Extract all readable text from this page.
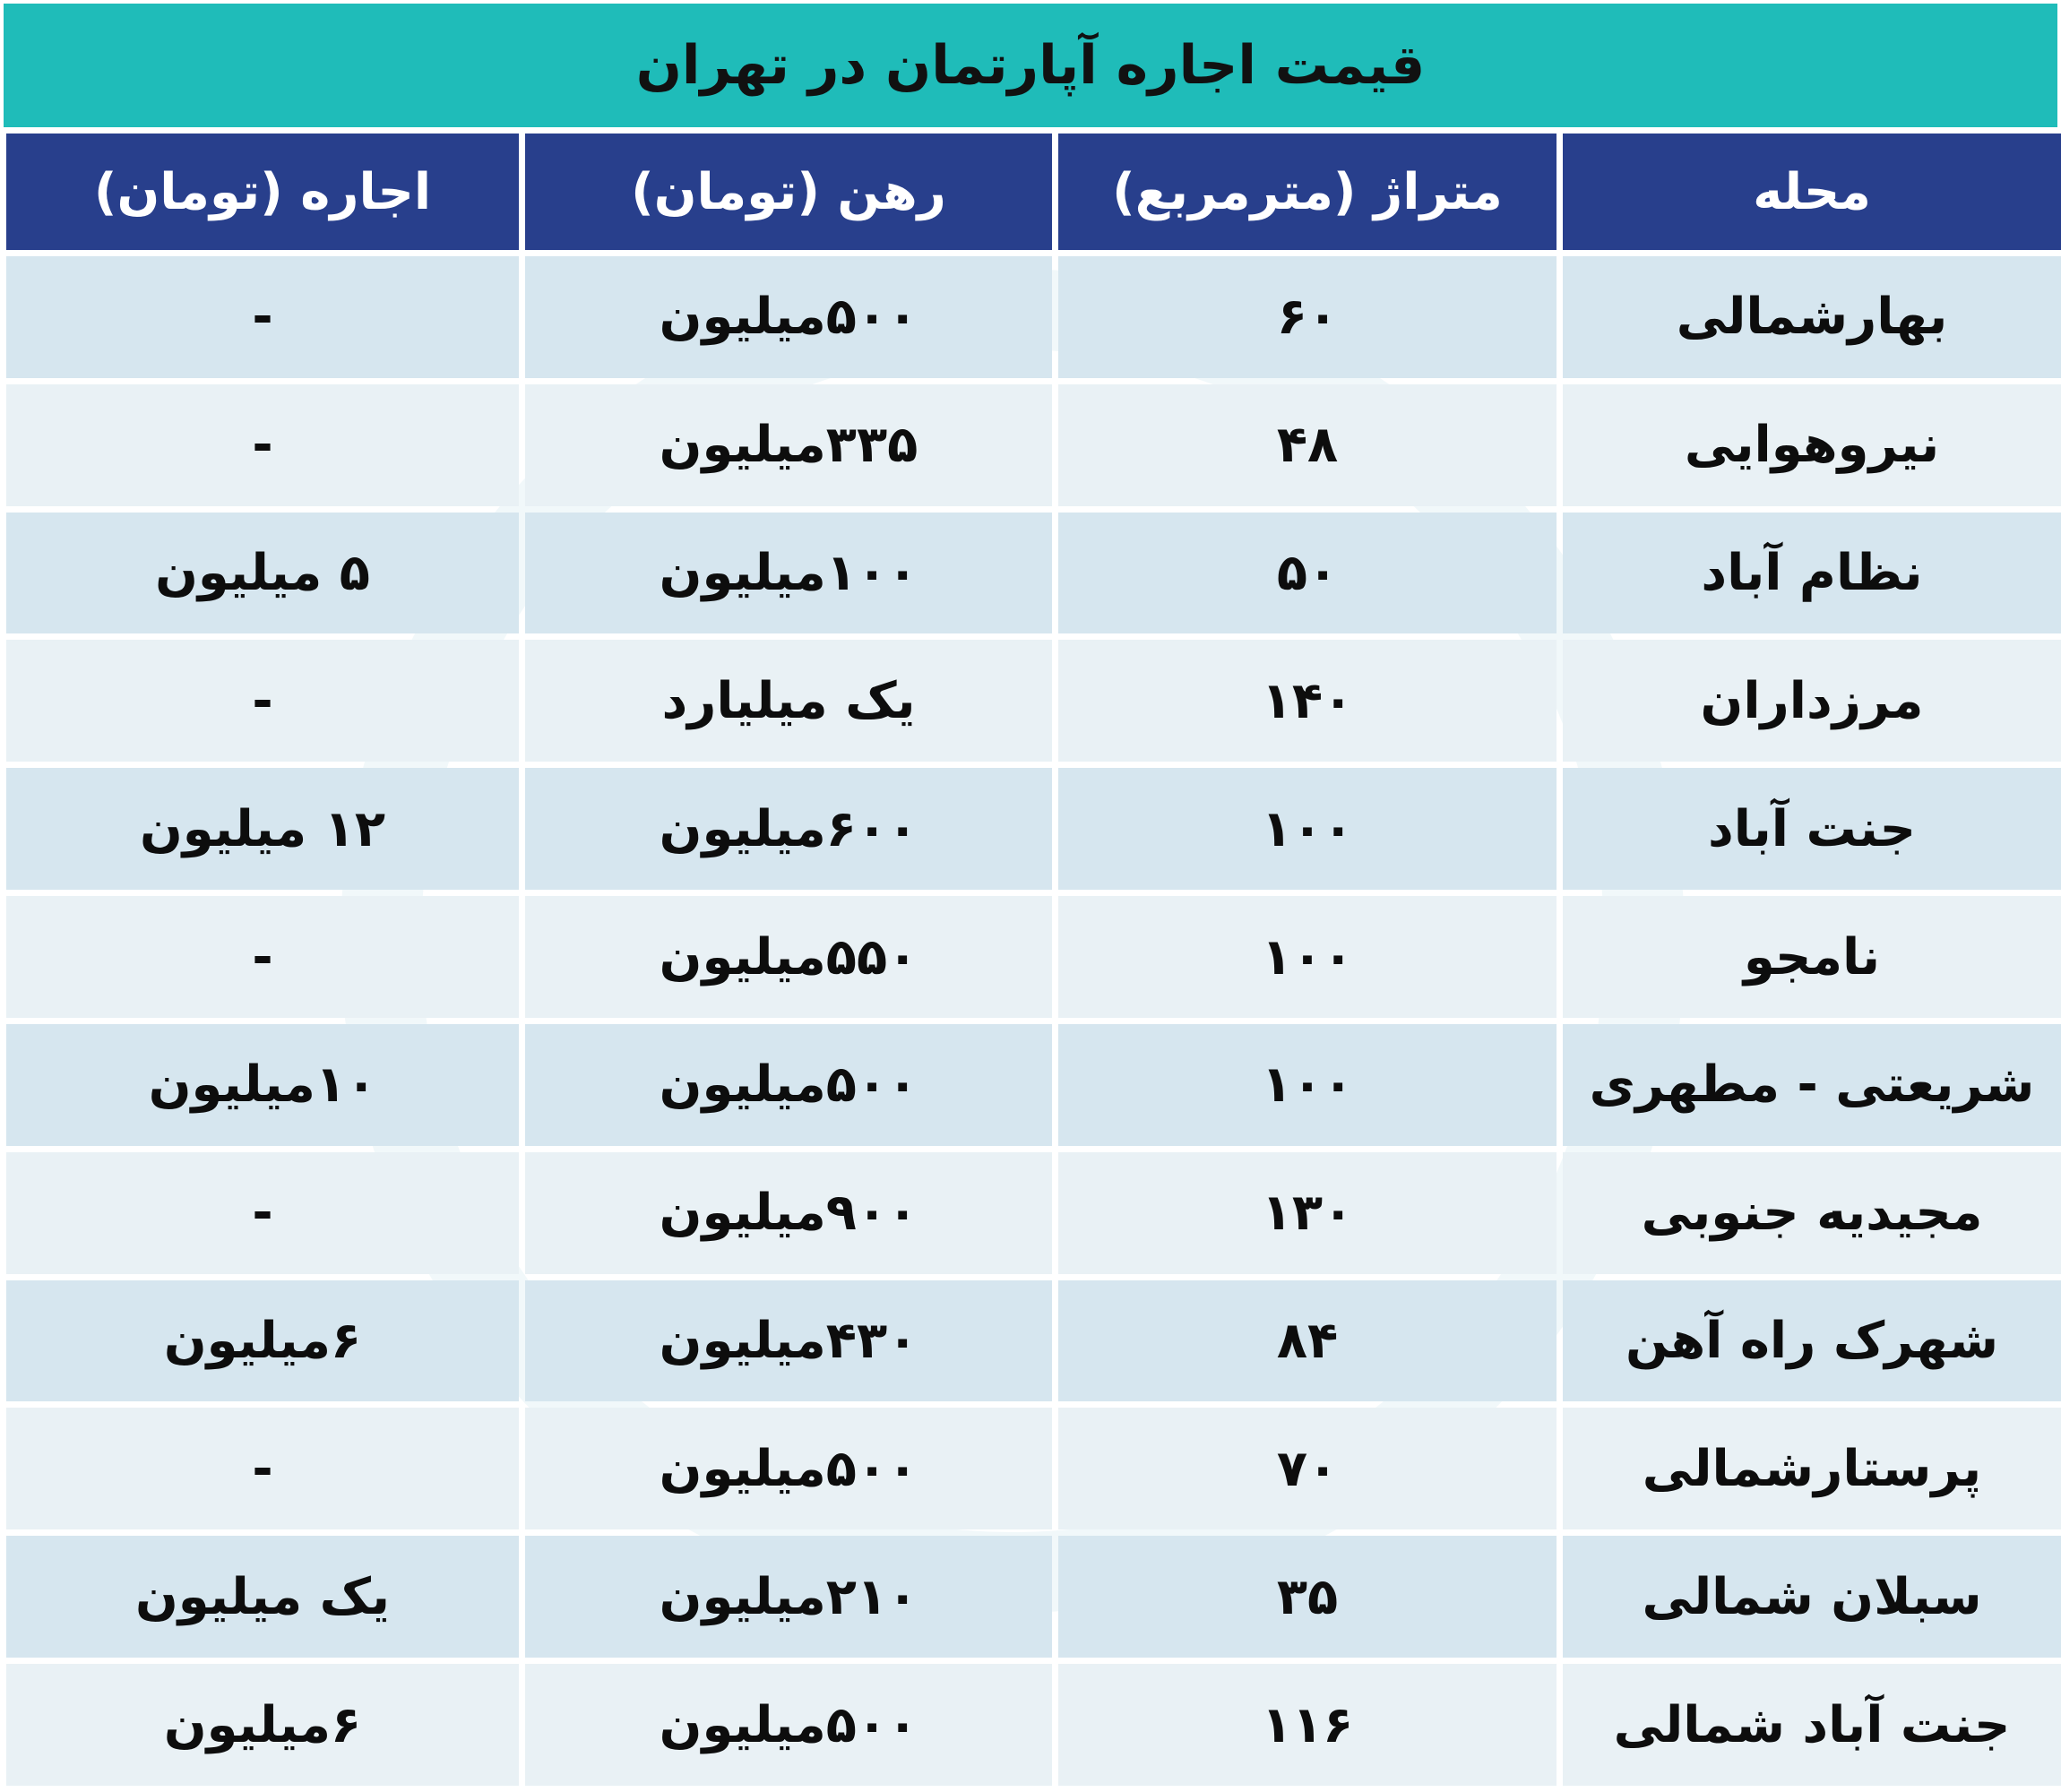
قیمت اجاره آپارتمان در تهران
محله	متراژ (مترمربع)	رهن (تومان)	اجاره (تومان)
بهارشمالی	۶۰	۵۰۰میلیون	-
نیروهوایی	۴۸	۳۳۵میلیون	-
نظام آباد	۵۰	۱۰۰میلیون	۵ میلیون
مرزداران	۱۴۰	یک میلیارد	-
جنت آباد	۱۰۰	۶۰۰میلیون	۱۲ میلیون
نامجو	۱۰۰	۵۵۰میلیون	-
شریعتی - مطهری	۱۰۰	۵۰۰میلیون	۱۰میلیون
مجیدیه جنوبی	۱۳۰	۹۰۰میلیون	-
شهرک راه آهن	۸۴	۴۳۰میلیون	۶میلیون
پرستارشمالی	۷۰	۵۰۰میلیون	-
سبلان شمالی	۳۵	۲۱۰میلیون	یک میلیون
جنت آباد شمالی	۱۱۶	۵۰۰میلیون	۶میلیون
